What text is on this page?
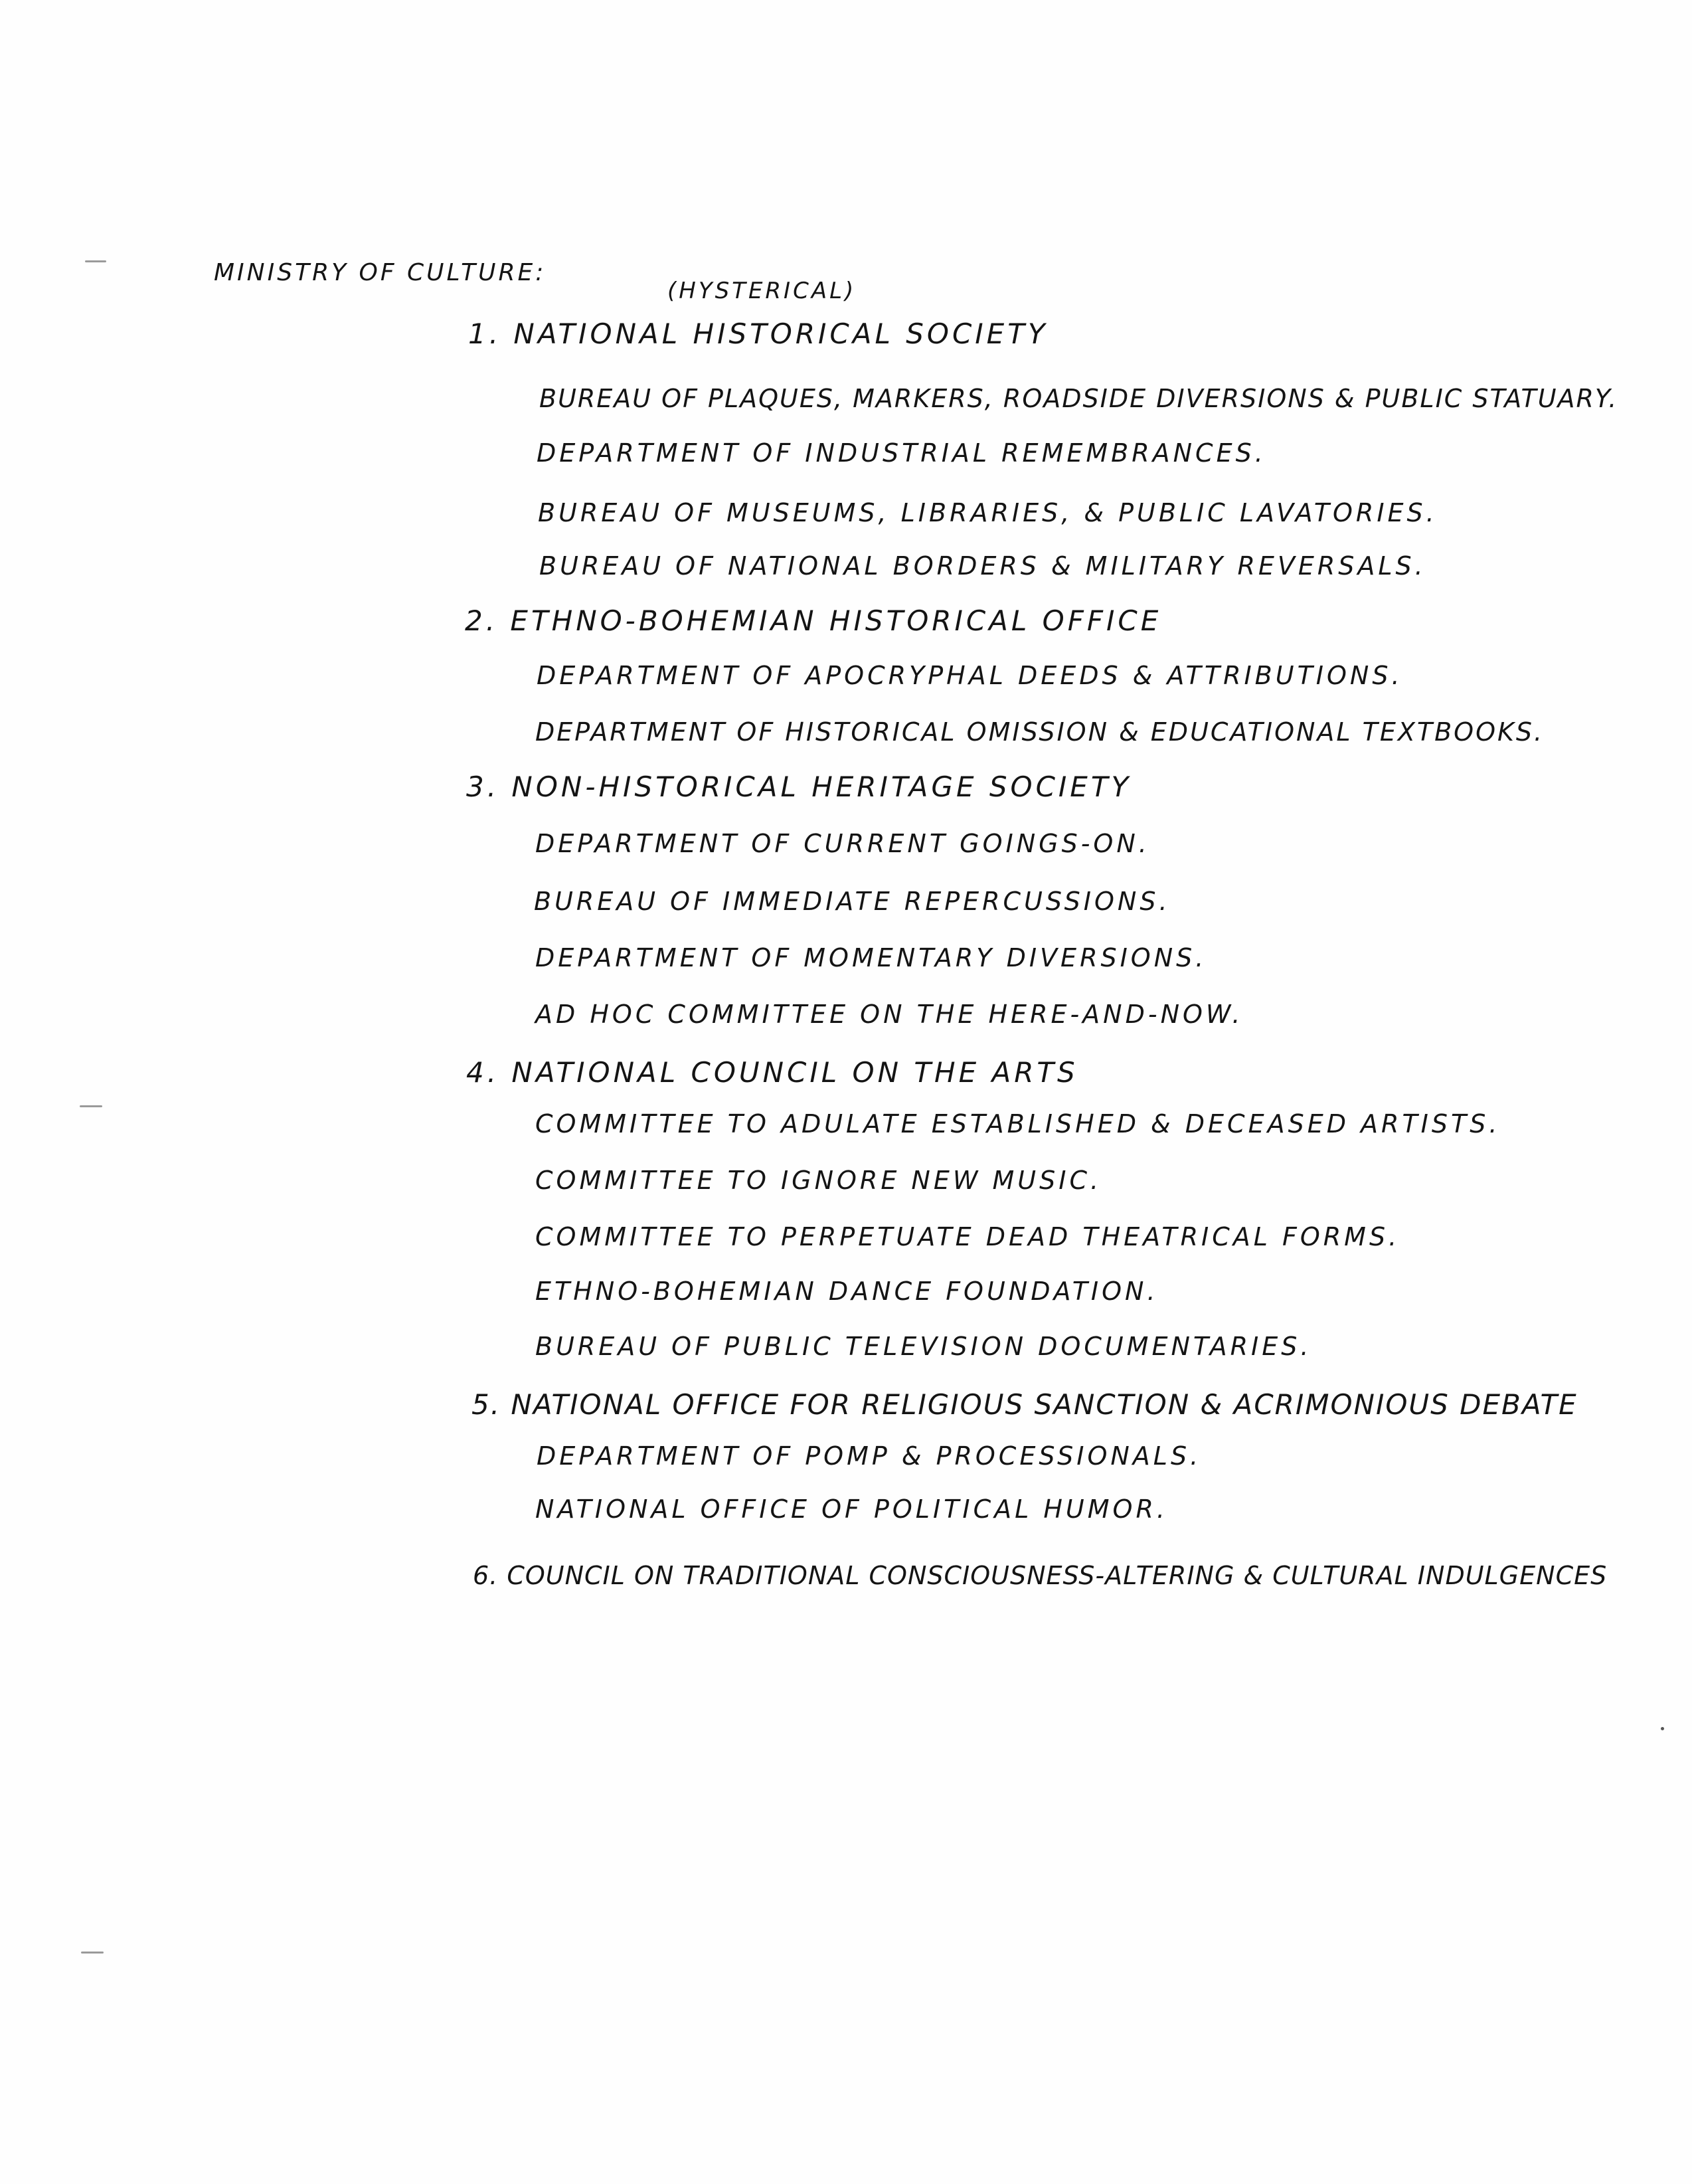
MINISTRY OF CULTURE:
(HYSTERICAL)
1. NATIONAL HISTORICAL SOCIETY
BUREAU OF PLAQUES, MARKERS, ROADSIDE DIVERSIONS & PUBLIC STATUARY.
DEPARTMENT OF INDUSTRIAL REMEMBRANCES.
BUREAU OF MUSEUMS, LIBRARIES, & PUBLIC LAVATORIES.
BUREAU OF NATIONAL BORDERS & MILITARY REVERSALS.
2. ETHNO-BOHEMIAN HISTORICAL OFFICE
DEPARTMENT OF APOCRYPHAL DEEDS & ATTRIBUTIONS.
DEPARTMENT OF HISTORICAL OMISSION & EDUCATIONAL TEXTBOOKS.
3. NON-HISTORICAL HERITAGE SOCIETY
DEPARTMENT OF CURRENT GOINGS-ON.
BUREAU OF IMMEDIATE REPERCUSSIONS.
DEPARTMENT OF MOMENTARY DIVERSIONS.
AD HOC COMMITTEE ON THE HERE-AND-NOW.
4. NATIONAL COUNCIL ON THE ARTS
COMMITTEE TO ADULATE ESTABLISHED & DECEASED ARTISTS.
COMMITTEE TO IGNORE NEW MUSIC.
COMMITTEE TO PERPETUATE DEAD THEATRICAL FORMS.
ETHNO-BOHEMIAN DANCE FOUNDATION.
BUREAU OF PUBLIC TELEVISION DOCUMENTARIES.
5. NATIONAL OFFICE FOR RELIGIOUS SANCTION & ACRIMONIOUS DEBATE
DEPARTMENT OF POMP & PROCESSIONALS.
NATIONAL OFFICE OF POLITICAL HUMOR.
6. COUNCIL ON TRADITIONAL CONSCIOUSNESS-ALTERING & CULTURAL INDULGENCES
